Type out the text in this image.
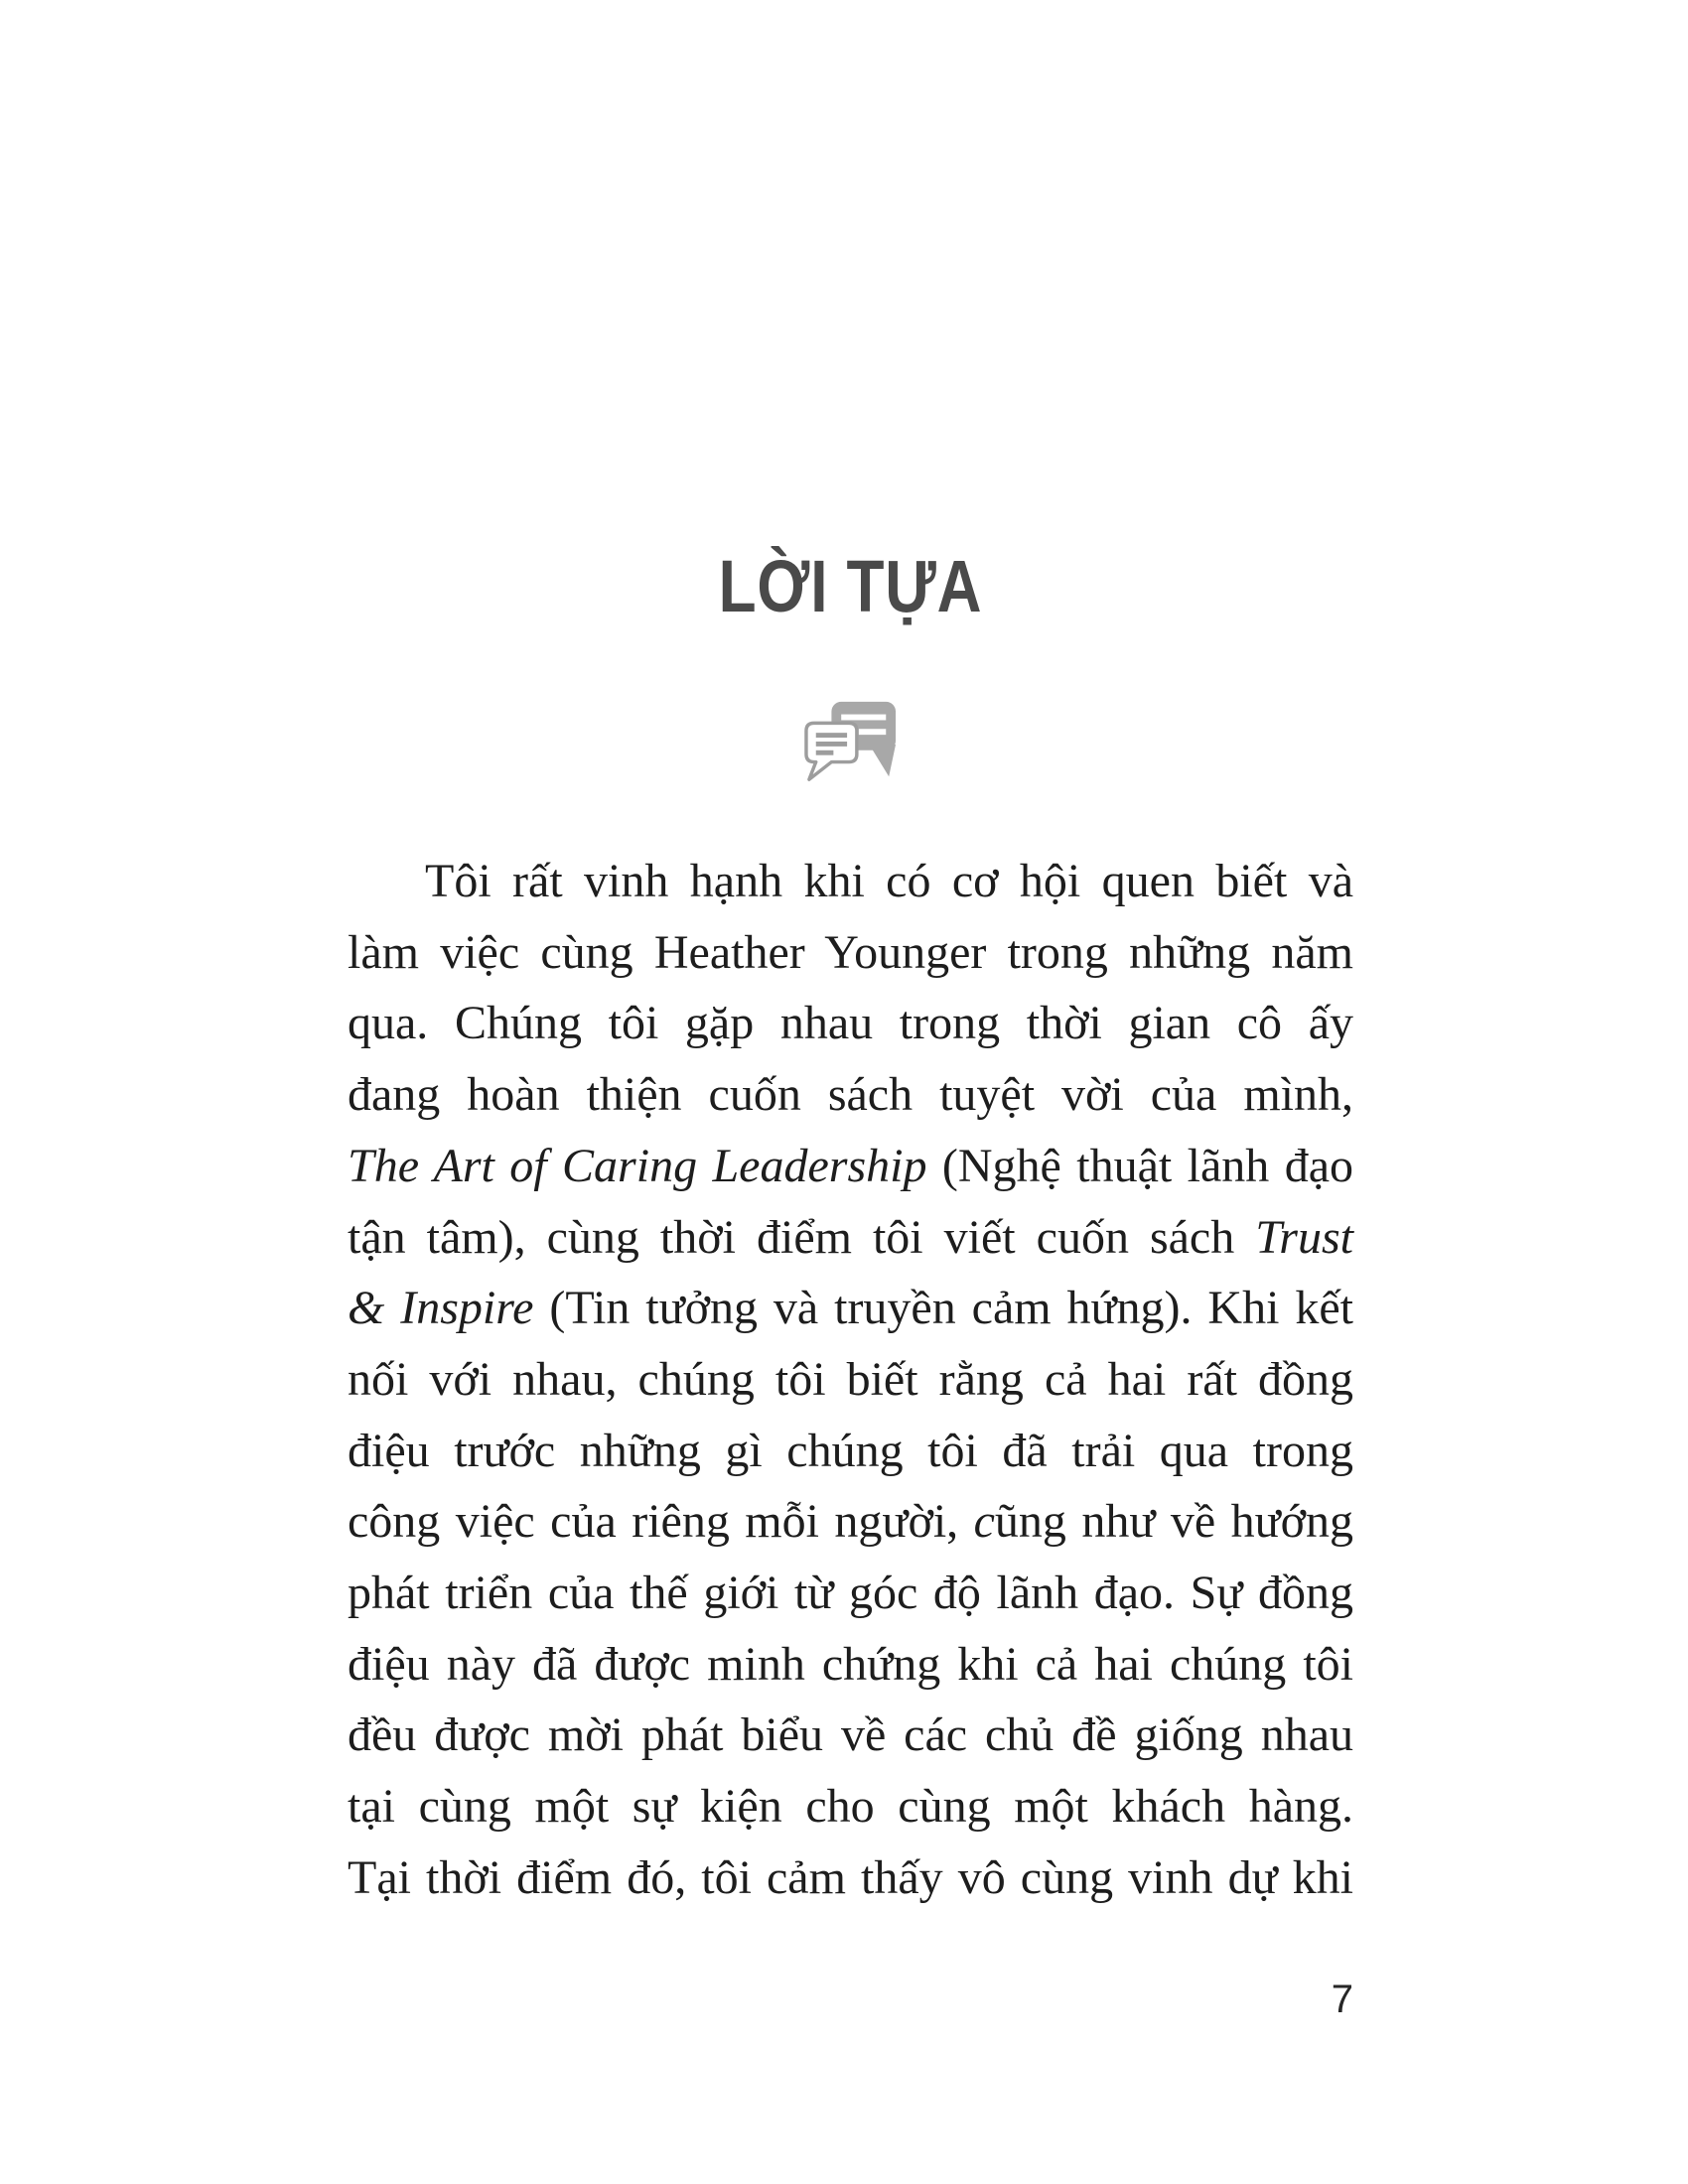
LỜI TỰA
Tôi rất vinh hạnh khi có cơ hội quen biết và
làm việc cùng Heather Younger trong những năm
qua. Chúng tôi gặp nhau trong thời gian cô ấy
đang hoàn thiện cuốn sách tuyệt vời của mình,
The Art of Caring Leadership (Nghệ thuật lãnh đạo
tận tâm), cùng thời điểm tôi viết cuốn sách Trust
& Inspire (Tin tưởng và truyền cảm hứng). Khi kết
nối với nhau, chúng tôi biết rằng cả hai rất đồng
điệu trước những gì chúng tôi đã trải qua trong
công việc của riêng mỗi người, cũng như về hướng
phát triển của thế giới từ góc độ lãnh đạo. Sự đồng
điệu này đã được minh chứng khi cả hai chúng tôi
đều được mời phát biểu về các chủ đề giống nhau
tại cùng một sự kiện cho cùng một khách hàng.
Tại thời điểm đó, tôi cảm thấy vô cùng vinh dự khi
7
